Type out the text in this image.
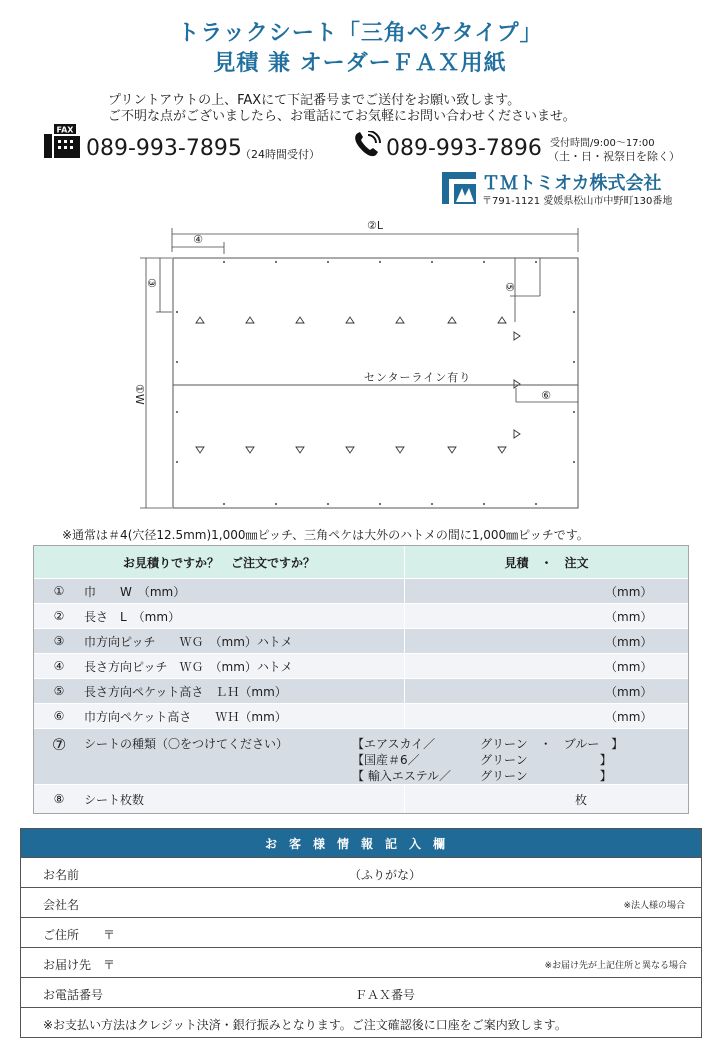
トラックシート「三角ペケタイプ」
見積 兼 オーダーＦＡＸ用紙
プリントアウトの上、FAXにて下記番号までご送付をお願い致します。
ご不明な点がございましたら、お電話にてお気軽にお問い合わせくださいませ。
FAX
089-993-7895
（24時間受付）	089-993-7896 受付時間/9:00～17:00
（土・日・祝祭日を除く）
ＴＭトミオカ株式会社
〒791-1121 愛媛県松山市中野町130番地
②L
④
①W
③	⑤
センターライン有り
⑥
※通常は＃4(穴径12.5mm)1,000㎜ピッチ、三角ペケは大外のハトメの間に1,000㎜ピッチです。
お見積りですか？　ご注文ですか？	見積　・　注文
①	巾　　W　（mm）	（mm）
②	長さ　L　（mm）	（mm）
③	巾方向ピッチ　　ＷＧ　（mm）ハトメ	（mm）
④	長さ方向ピッチ　ＷＧ　（mm）ハトメ	（mm）
⑤	長さ方向ペケット高さ　ＬＨ（mm）	（mm）
⑥	巾方向ペケット高さ　　ＷＨ（mm）	（mm）
⑦	シートの種類（〇をつけてください）	【エアスカイ／	グリーン　・　ブルー　】
【国産＃6／	グリーン　　　　　　】
【 輸入エステル／ グリーン　　　　　　】
⑧	シート枚数	枚
お客様情報記入欄
お名前	（ふりがな）
会社名	※法人様の場合
ご住所　　〒
お届け先　〒	※お届け先が上記住所と異なる場合
お電話番号	ＦＡＸ番号
※お支払い方法はクレジット決済・銀行振みとなります。ご注文確認後に口座をご案内致します。
